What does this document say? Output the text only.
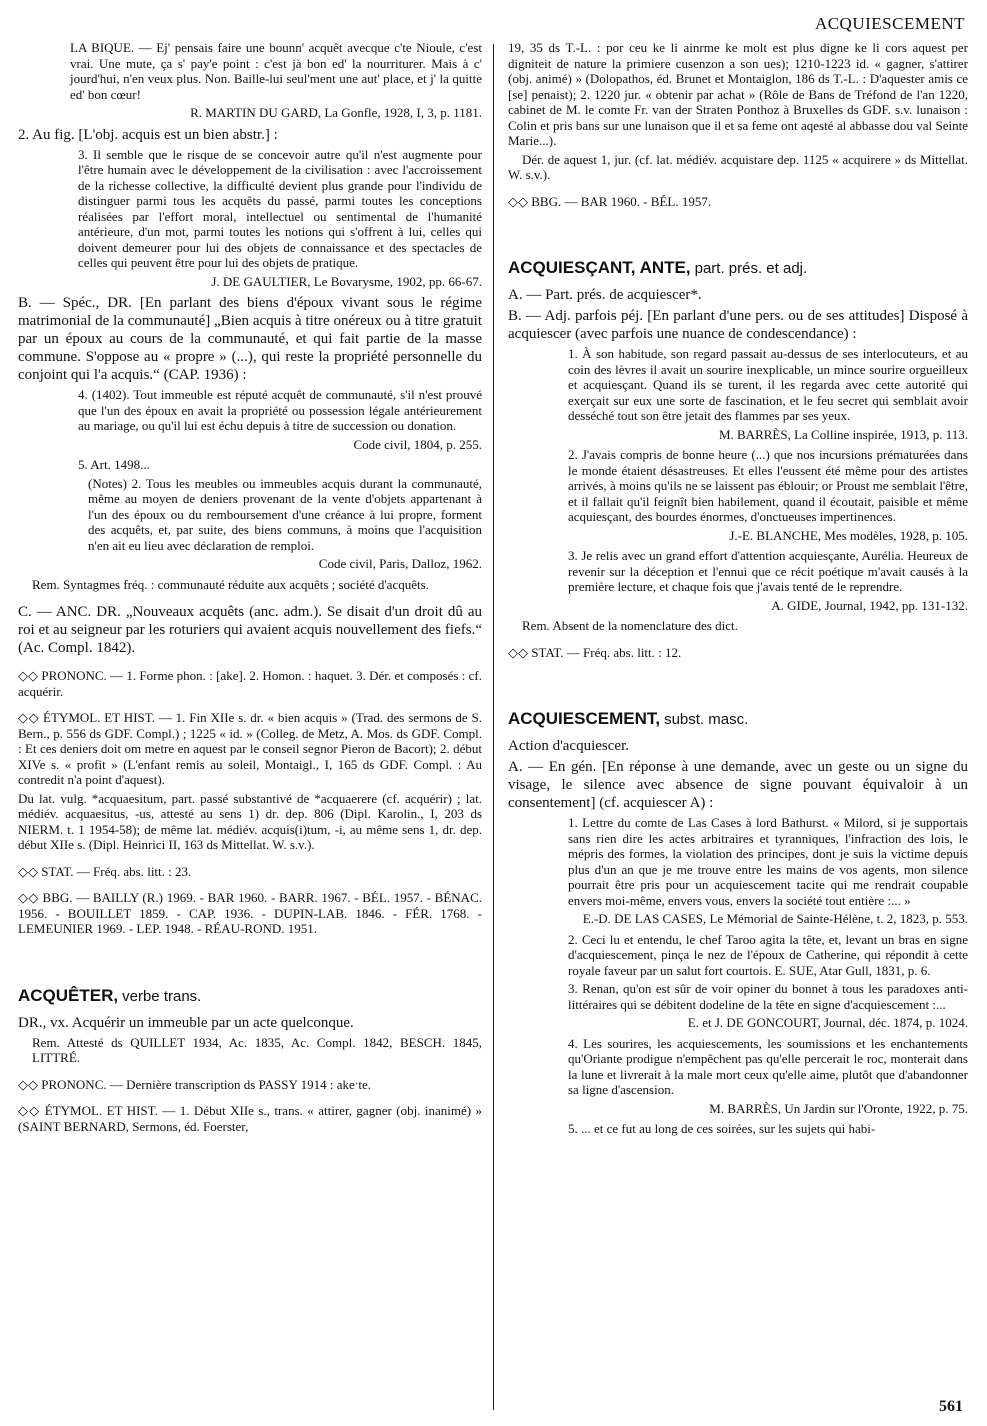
ACQUIESCEMENT

LA BIQUE. — Ej' pensais faire une bounn' acquêt avecque c'te Nioule, c'est vrai. Une mute, ça s' pay'e point : c'est jà bon ed' la nourriturer. Mais à c' jourd'hui, n'en veux plus. Non. Baille-lui seul'ment une aut' place, et j' la quitte ed' bon cœur!

R. MARTIN DU GARD, La Gonfle, 1928, I, 3, p. 1181.

2. Au fig. [L'obj. acquis est un bien abstr.] :

3. Il semble que le risque de se concevoir autre qu'il n'est augmente pour l'être humain avec le développement de la civilisation : avec l'accroissement de la richesse collective, la difficulté devient plus grande pour l'individu de distinguer parmi tous les acquêts du passé, parmi toutes les conceptions réalisées par l'effort moral, intellectuel ou sentimental de l'humanité antérieure, d'un mot, parmi toutes les notions qui s'offrent à lui, celles qui doivent demeurer pour lui des objets de connaissance et des spectacles de celles qui peuvent être pour lui des objets de pratique.

J. DE GAULTIER, Le Bovarysme, 1902, pp. 66-67.

B. — Spéc., DR. [En parlant des biens d'époux vivant sous le régime matrimonial de la communauté] „Bien acquis à titre onéreux ou à titre gratuit par un époux au cours de la communauté, et qui fait partie de la masse commune. S'oppose au « propre » (...), qui reste la propriété personnelle du conjoint qui l'a acquis.“ (CAP. 1936) :

4. (1402). Tout immeuble est réputé acquêt de communauté, s'il n'est prouvé que l'un des époux en avait la propriété ou possession légale antérieurement au mariage, ou qu'il lui est échu depuis à titre de succession ou donation.

Code civil, 1804, p. 255.

5. Art. 1498...

(Notes) 2. Tous les meubles ou immeubles acquis durant la communauté, même au moyen de deniers provenant de la vente d'objets appartenant à l'un des époux ou du remboursement d'une créance à lui propre, forment des acquêts, et, par suite, des biens communs, à moins que l'acquisition n'en ait eu lieu avec déclaration de remploi.

Code civil, Paris, Dalloz, 1962.

Rem. Syntagmes fréq. : communauté réduite aux acquêts ; société d'acquêts.

C. — ANC. DR. „Nouveaux acquêts (anc. adm.). Se disait d'un droit dû au roi et au seigneur par les roturiers qui avaient acquis nouvellement des fiefs.“ (Ac. Compl. 1842).

◇◇ PRONONC. — 1. Forme phon. : [ake]. 2. Homon. : haquet. 3. Dér. et composés : cf. acquérir.

◇◇ ÉTYMOL. ET HIST. — 1. Fin XIIe s. dr. « bien acquis » (Trad. des sermons de S. Bern., p. 556 ds GDF. Compl.) ; 1225 « id. » (Colleg. de Metz, A. Mos. ds GDF. Compl. : Et ces deniers doit om metre en aquest par le conseil segnor Pieron de Bacort); 2. début XIVe s. « profit » (L'enfant remis au soleil, Montaigl., I, 165 ds GDF. Compl. : Au contredit n'a point d'aquest).

Du lat. vulg. *acquaesitum, part. passé substantivé de *acquaerere (cf. acquérir) ; lat. médiév. acquaesitus, -us, attesté au sens 1) dr. dep. 806 (Dipl. Karolin., I, 203 ds NIERM. t. 1 1954-58); de même lat. médiév. acquis(i)tum, -i, au même sens 1, dr. dep. début XIIe s. (Dipl. Heinrici II, 163 ds Mittellat. W. s.v.).

◇◇ STAT. — Fréq. abs. litt. : 23.

◇◇ BBG. — BAILLY (R.) 1969. - BAR 1960. - BARR. 1967. - BÉL. 1957. - BÉNAC. 1956. - BOUILLET 1859. - CAP. 1936. - DUPIN-LAB. 1846. - FÉR. 1768. - LEMEUNIER 1969. - LEP. 1948. - RÉAU-ROND. 1951.

ACQUÊTER, verbe trans.

DR., vx. Acquérir un immeuble par un acte quelconque.

Rem. Attesté ds QUILLET 1934, Ac. 1835, Ac. Compl. 1842, BESCH. 1845, LITTRÉ.

◇◇ PRONONC. — Dernière transcription ds PASSY 1914 : akeˑte.

◇◇ ÉTYMOL. ET HIST. — 1. Début XIIe s., trans. « attirer, gagner (obj. inanimé) » (SAINT BERNARD, Sermons, éd. Foerster,

19, 35 ds T.-L. : por ceu ke li ainrme ke molt est plus digne ke li cors aquest per digniteit de nature la primiere cusenzon a son ues); 1210-1223 id. « gagner, s'attirer (obj. animé) » (Dolopathos, éd. Brunet et Montaiglon, 186 ds T.-L. : D'aquester amis ce [se] penaist); 2. 1220 jur. « obtenir par achat » (Rôle de Bans de Tréfond de l'an 1220, cabinet de M. le comte Fr. van der Straten Ponthoz à Bruxelles ds GDF. s.v. lunaison : Colin et pris bans sur une lunaison que il et sa feme ont aqesté al abbasse dou val Seinte Marie...).

Dér. de aquest 1, jur. (cf. lat. médiév. acquistare dep. 1125 « acquirere » ds Mittellat. W. s.v.).

◇◇ BBG. — BAR 1960. - BÉL. 1957.

ACQUIESÇANT, ANTE, part. prés. et adj.

A. — Part. prés. de acquiescer*.

B. — Adj. parfois péj. [En parlant d'une pers. ou de ses attitudes] Disposé à acquiescer (avec parfois une nuance de condescendance) :

1. À son habitude, son regard passait au-dessus de ses interlocuteurs, et au coin des lèvres il avait un sourire inexplicable, un mince sourire orgueilleux et acquiesçant. Quand ils se turent, il les regarda avec cette autorité qui exerçait sur eux une sorte de fascination, et le feu secret qui semblait avoir desséché tout son être jetait des flammes par ses yeux.

M. BARRÈS, La Colline inspirée, 1913, p. 113.

2. J'avais compris de bonne heure (...) que nos incursions prématurées dans le monde étaient désastreuses. Et elles l'eussent été même pour des artistes arrivés, à moins qu'ils ne se laissent pas éblouir; or Proust me semblait l'être, et il fallait qu'il feignît bien habilement, quand il écoutait, paisible et même acquiesçant, des bourdes énormes, d'onctueuses impertinences.

J.-E. BLANCHE, Mes modèles, 1928, p. 105.

3. Je relis avec un grand effort d'attention acquiesçante, Aurélia. Heureux de revenir sur la déception et l'ennui que ce récit poétique m'avait causés à la première lecture, et chaque fois que j'avais tenté de le reprendre.

A. GIDE, Journal, 1942, pp. 131-132.

Rem. Absent de la nomenclature des dict.

◇◇ STAT. — Fréq. abs. litt. : 12.

ACQUIESCEMENT, subst. masc.

Action d'acquiescer.

A. — En gén. [En réponse à une demande, avec un geste ou un signe du visage, le silence avec absence de signe pouvant équivaloir à un consentement] (cf. acquiescer A) :

1. Lettre du comte de Las Cases à lord Bathurst. « Milord, si je supportais sans rien dire les actes arbitraires et tyranniques, l'infraction des lois, le mépris des formes, la violation des principes, dont je suis la victime depuis plus d'un an que je me trouve entre les mains de vos agents, mon silence pourrait être pris pour un acquiescement tacite qui me rendrait coupable envers moi-même, envers vous, envers la société tout entière :... »

E.-D. DE LAS CASES, Le Mémorial de Sainte-Hélène, t. 2, 1823, p. 553.

2. Ceci lu et entendu, le chef Taroo agita la tête, et, levant un bras en signe d'acquiescement, pinça le nez de l'époux de Catherine, qui répondit à cette royale faveur par un salut fort courtois. E. SUE, Atar Gull, 1831, p. 6.

3. Renan, qu'on est sûr de voir opiner du bonnet à tous les paradoxes anti-littéraires qui se débitent dodeline de la tête en signe d'acquiescement :...

E. et J. DE GONCOURT, Journal, déc. 1874, p. 1024.

4. Les sourires, les acquiescements, les soumissions et les enchantements qu'Oriante prodigue n'empêchent pas qu'elle percerait le roc, monterait dans la lune et livrerait à la male mort ceux qu'elle aime, plutôt que d'abandonner sa ligne d'ascension.

M. BARRÈS, Un Jardin sur l'Oronte, 1922, p. 75.

5. ... et ce fut au long de ces soirées, sur les sujets qui habi-

561
